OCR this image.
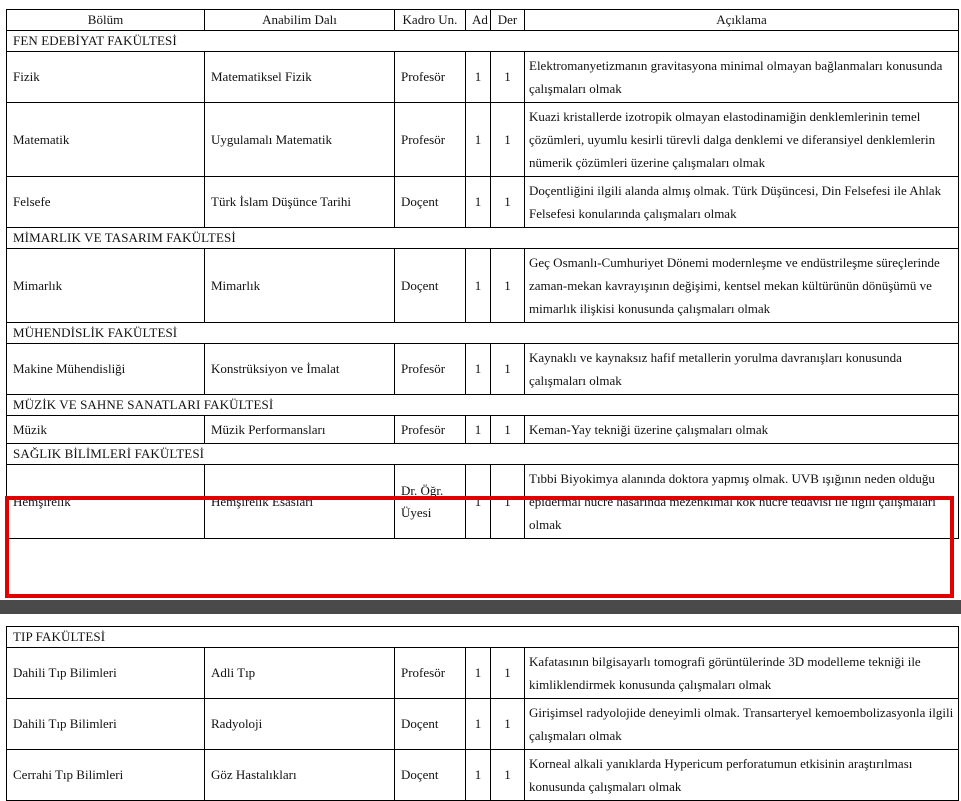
Bölüm	Anabilim Dalı	Kadro Un.	Ad	Der	Açıklama
FEN EDEBİYAT FAKÜLTESİ					
Fizik	Matematiksel Fizik	Profesör	1	1	Elektromanyetizmanın gravitasyona minimal olmayan bağlanmaları konusunda çalışmaları olmak
Matematik	Uygulamalı Matematik	Profesör	1	1	Kuazi kristallerde izotropik olmayan elastodinamiğin denklemlerinin temel çözümleri, uyumlu kesirli türevli dalga denklemi ve diferansiyel denklemlerin nümerik çözümleri üzerine çalışmaları olmak
Felsefe	Türk İslam Düşünce Tarihi	Doçent	1	1	Doçentliğini ilgili alanda almış olmak. Türk Düşüncesi, Din Felsefesi ile Ahlak Felsefesi konularında çalışmaları olmak
MİMARLIK VE TASARIM FAKÜLTESİ					
Mimarlık	Mimarlık	Doçent	1	1	Geç Osmanlı-Cumhuriyet Dönemi modernleşme ve endüstrileşme süreçlerinde zaman-mekan kavrayışının değişimi, kentsel mekan kültürünün dönüşümü ve mimarlık ilişkisi konusunda çalışmaları olmak
MÜHENDİSLİK FAKÜLTESİ					
Makine Mühendisliği	Konstrüksiyon ve İmalat	Profesör	1	1	Kaynaklı ve kaynaksız hafif metallerin yorulma davranışları konusunda çalışmaları olmak
MÜZİK VE SAHNE SANATLARI FAKÜLTESİ					
Müzik	Müzik Performansları	Profesör	1	1	Keman-Yay tekniği üzerine çalışmaları olmak
SAĞLIK BİLİMLERİ FAKÜLTESİ					
Hemşirelik	Hemşirelik Esasları	Dr. Öğr. Üyesi	1	1	Tıbbi Biyokimya alanında doktora yapmış olmak. UVB ışığının neden olduğu epidermal hücre hasarında mezenkimal kök hücre tedavisi ile ilgili çalışmaları olmak
TIP FAKÜLTESİ					
Dahili Tıp Bilimleri	Adli Tıp	Profesör	1	1	Kafatasının bilgisayarlı tomografi görüntülerinde 3D modelleme tekniği ile kimliklendirmek konusunda çalışmaları olmak
Dahili Tıp Bilimleri	Radyoloji	Doçent	1	1	Girişimsel radyolojide deneyimli olmak. Transarteryel kemoembolizasyonla ilgili çalışmaları olmak
Cerrahi Tıp Bilimleri	Göz Hastalıkları	Doçent	1	1	Korneal alkali yanıklarda Hypericum perforatumun etkisinin araştırılması konusunda çalışmaları olmak
